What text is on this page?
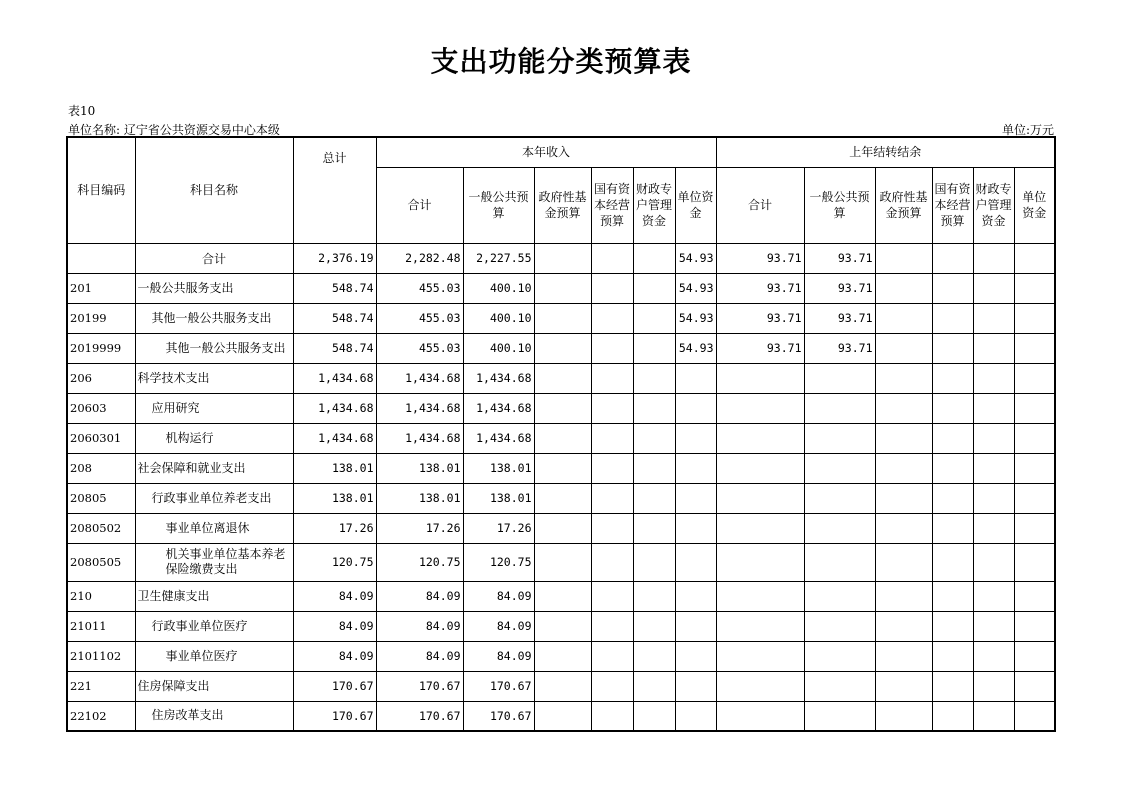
支出功能分类预算表
表10
单位名称: 辽宁省公共资源交易中心本级	单位:万元
科目编码	科目名称	总计	本年收入						上年结转结余					
			合计	一般公共预算	政府性基金预算	国有资本经营预算	财政专户管理资金	单位资金	合计	一般公共预算	政府性基金预算	国有资本经营预算	财政专户管理资金	单位资金
	合计	2,376.19	2,282.48	2,227.55				54.93	93.71	93.71				
201	一般公共服务支出	548.74	455.03	400.10				54.93	93.71	93.71				
20199	其他一般公共服务支出	548.74	455.03	400.10				54.93	93.71	93.71				
2019999	其他一般公共服务支出	548.74	455.03	400.10				54.93	93.71	93.71				
206	科学技术支出	1,434.68	1,434.68	1,434.68										
20603	应用研究	1,434.68	1,434.68	1,434.68										
2060301	机构运行	1,434.68	1,434.68	1,434.68										
208	社会保障和就业支出	138.01	138.01	138.01										
20805	行政事业单位养老支出	138.01	138.01	138.01										
2080502	事业单位离退休	17.26	17.26	17.26										
2080505	机关事业单位基本养老保险缴费支出	120.75	120.75	120.75										
210	卫生健康支出	84.09	84.09	84.09										
21011	行政事业单位医疗	84.09	84.09	84.09										
2101102	事业单位医疗	84.09	84.09	84.09										
221	住房保障支出	170.67	170.67	170.67										
22102	住房改革支出	170.67	170.67	170.67										
